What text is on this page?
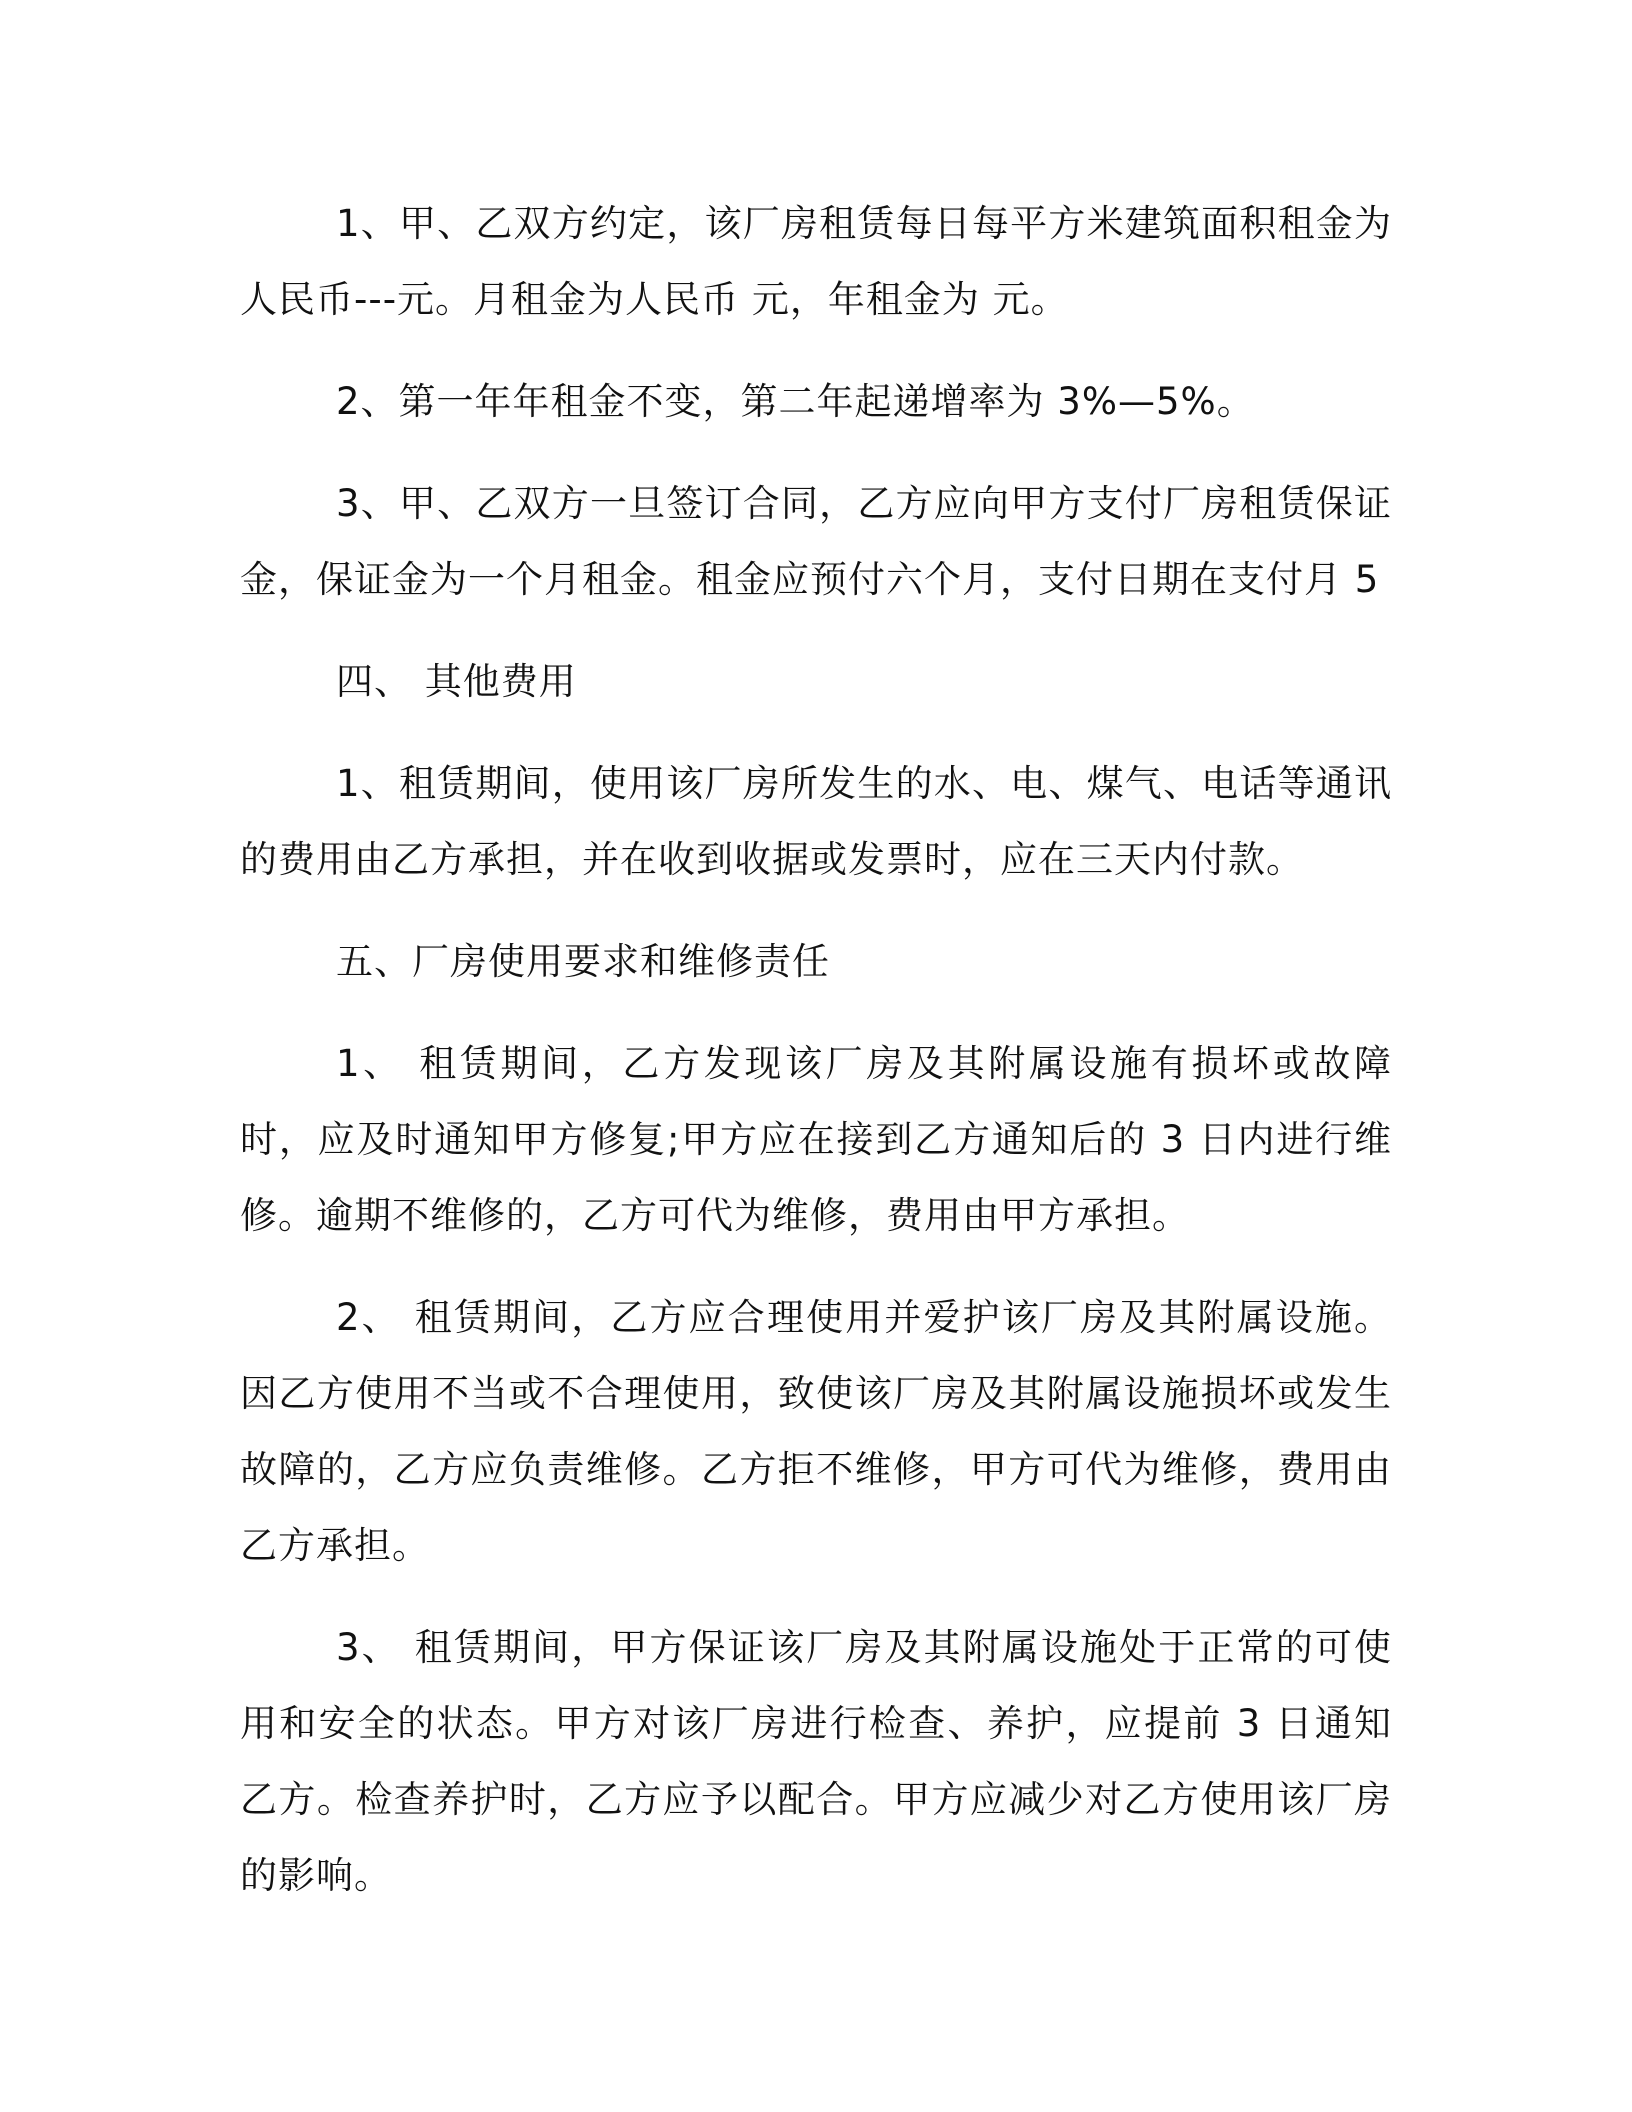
1、甲、乙双方约定，该厂房租赁每日每平方米建筑面积租金为人民币---元。月租金为人民币 元，年租金为 元。

2、第一年年租金不变，第二年起递增率为 3%—5%。

3、甲、乙双方一旦签订合同，乙方应向甲方支付厂房租赁保证金，保证金为一个月租金。租金应预付六个月，支付日期在支付月 5

四、 其他费用

1、租赁期间，使用该厂房所发生的水、电、煤气、电话等通讯的费用由乙方承担，并在收到收据或发票时，应在三天内付款。

五、厂房使用要求和维修责任

1、 租赁期间，乙方发现该厂房及其附属设施有损坏或故障时，应及时通知甲方修复;甲方应在接到乙方通知后的 3 日内进行维修。逾期不维修的，乙方可代为维修，费用由甲方承担。

2、 租赁期间，乙方应合理使用并爱护该厂房及其附属设施。因乙方使用不当或不合理使用，致使该厂房及其附属设施损坏或发生故障的，乙方应负责维修。乙方拒不维修，甲方可代为维修，费用由乙方承担。

3、 租赁期间，甲方保证该厂房及其附属设施处于正常的可使用和安全的状态。甲方对该厂房进行检查、养护，应提前 3 日通知乙方。检查养护时，乙方应予以配合。甲方应减少对乙方使用该厂房的影响。
